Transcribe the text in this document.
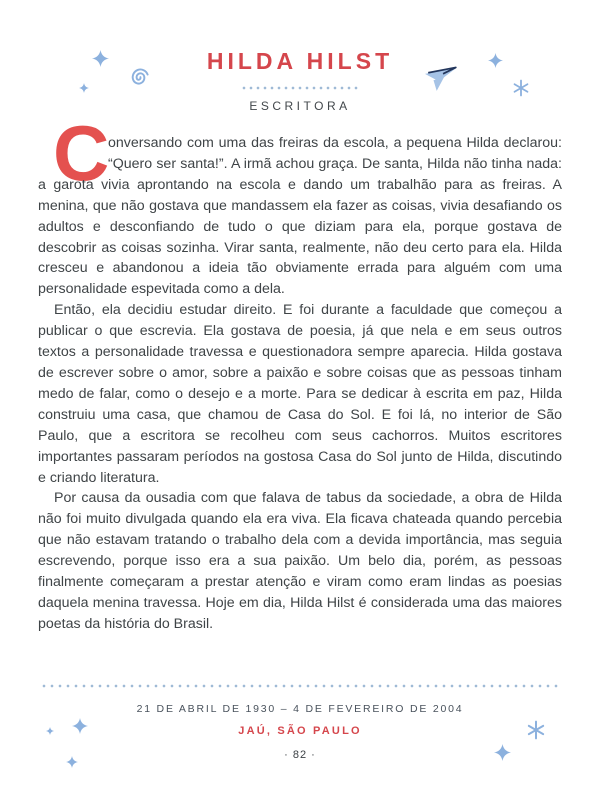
HILDA HILST
ESCRITORA

C
onversando com uma das freiras da escola, a pequena Hilda declarou: “Quero ser santa!”. A irmã achou graça. De santa, Hilda não tinha nada: a garota vivia aprontando na escola e dando um trabalhão para as freiras. A menina, que não gostava que mandassem ela fazer as coisas, vivia desafiando os adultos e desconfiando de tudo o que diziam para ela, porque gostava de descobrir as coisas sozinha. Virar santa, realmente, não deu certo para ela. Hilda cresceu e abandonou a ideia tão obviamente errada para alguém com uma personalidade espevitada como a dela.

Então, ela decidiu estudar direito. E foi durante a faculdade que começou a publicar o que escrevia. Ela gostava de poesia, já que nela e em seus outros textos a personalidade travessa e questionadora sempre aparecia. Hilda gostava de escrever sobre o amor, sobre a paixão e sobre coisas que as pessoas tinham medo de falar, como o desejo e a morte. Para se dedicar à escrita em paz, Hilda construiu uma casa, que chamou de Casa do Sol. E foi lá, no interior de São Paulo, que a escritora se recolheu com seus cachorros. Muitos escritores importantes passaram períodos na gostosa Casa do Sol junto de Hilda, discutindo e criando literatura.

Por causa da ousadia com que falava de tabus da sociedade, a obra de Hilda não foi muito divulgada quando ela era viva. Ela ficava chateada quando percebia que não estavam tratando o trabalho dela com a devida importância, mas seguia escrevendo, porque isso era a sua paixão. Um belo dia, porém, as pessoas finalmente começaram a prestar atenção e viram como eram lindas as poesias daquela menina travessa. Hoje em dia, Hilda Hilst é considerada uma das maiores poetas da história do Brasil.

21 DE ABRIL DE 1930 – 4 DE FEVEREIRO DE 2004
JAÚ, SÃO PAULO
· 82 ·
